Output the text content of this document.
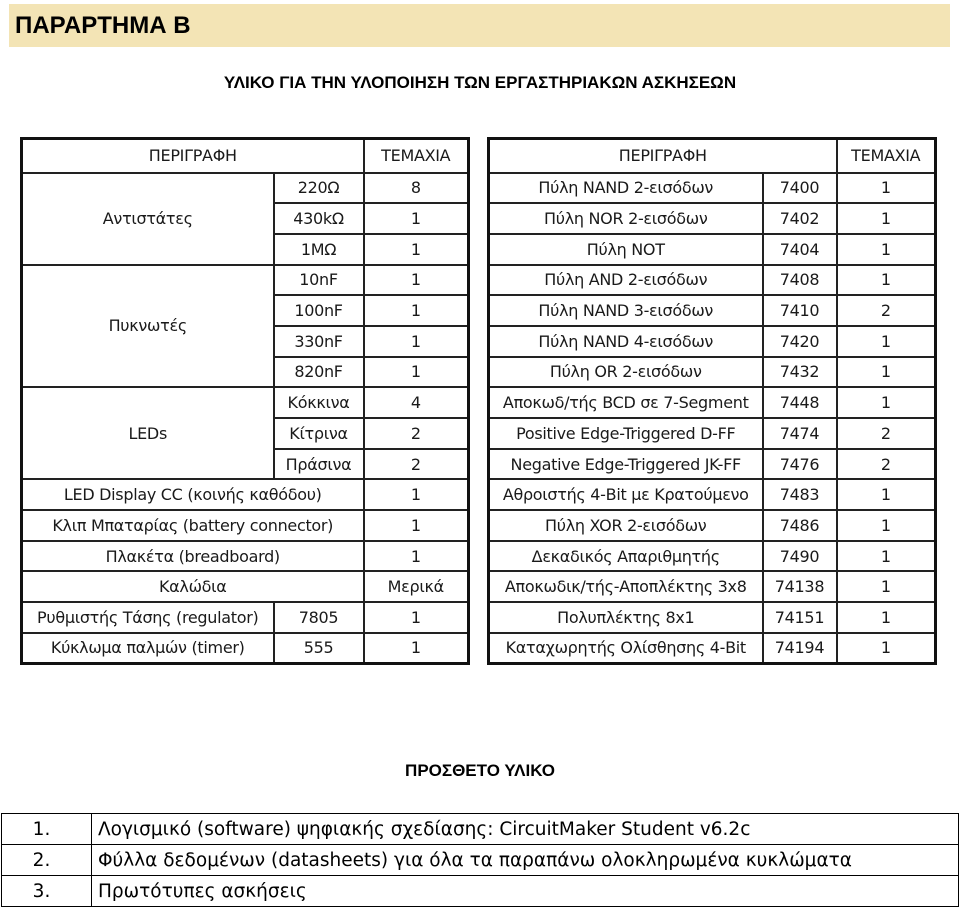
ΠΑΡΑΡΤΗΜΑ Β
ΥΛΙΚΟ ΓΙΑ ΤΗΝ ΥΛΟΠΟΙΗΣΗ ΤΩΝ ΕΡΓΑΣΤΗΡΙΑΚΩΝ ΑΣΚΗΣΕΩΝ
ΠΕΡΙΓΡΑΦΗ		ΤΕΜΑΧΙΑ
Αντιστάτες	220Ω	8
	430kΩ	1
	1MΩ	1
Πυκνωτές	10nF	1
	100nF	1
	330nF	1
	820nF	1
LEDs	Κόκκινα	4
	Κίτρινα	2
	Πράσινα	2
LED Display CC (κοινής καθόδου)		1
Κλιπ Μπαταρίας (battery connector)		1
Πλακέτα (breadboard)		1
Καλώδια		Μερικά
Ρυθμιστής Τάσης (regulator)	7805	1
Κύκλωμα παλμών (timer)	555	1
ΠΕΡΙΓΡΑΦΗ		ΤΕΜΑΧΙΑ
Πύλη NAND 2-εισόδων	7400	1
Πύλη NOR 2-εισόδων	7402	1
Πύλη NOT	7404	1
Πύλη AND 2-εισόδων	7408	1
Πύλη NAND 3-εισόδων	7410	2
Πύλη NAND 4-εισόδων	7420	1
Πύλη OR 2-εισόδων	7432	1
Αποκωδ/τής BCD σε 7-Segment	7448	1
Positive Edge-Triggered D-FF	7474	2
Negative Edge-Triggered JK-FF	7476	2
Αθροιστής 4-Bit με Κρατούμενο	7483	1
Πύλη XOR 2-εισόδων	7486	1
Δεκαδικός Απαριθμητής	7490	1
Αποκωδικ/τής-Αποπλέκτης 3x8	74138	1
Πολυπλέκτης 8x1	74151	1
Καταχωρητής Ολίσθησης 4-Bit	74194	1
ΠΡΟΣΘΕΤΟ ΥΛΙΚΟ
1.	Λογισμικό (software) ψηφιακής σχεδίασης: CircuitMaker Student v6.2c
2.	Φύλλα δεδομένων (datasheets) για όλα τα παραπάνω ολοκληρωμένα κυκλώματα
3.	Πρωτότυπες ασκήσεις
